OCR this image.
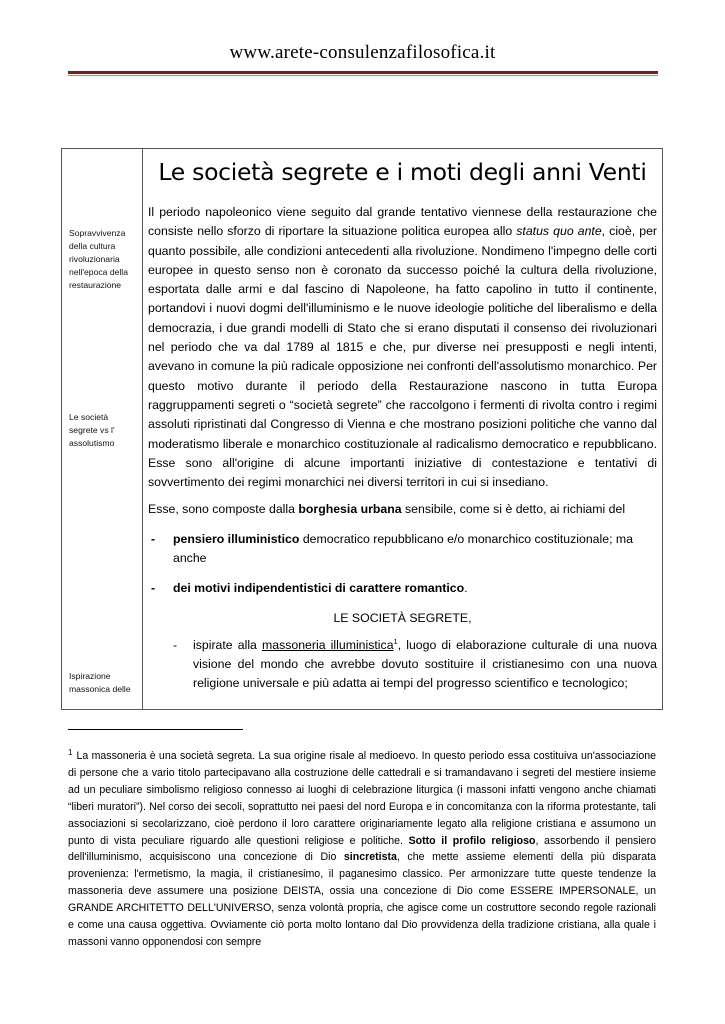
www.arete-consulenzafilosofica.it
Sopravvivenza della cultura rivoluzionaria nell'epoca della restaurazione
Le società segrete vs l' assolutismo
Ispirazione massonica delle
Le società segrete e i moti degli anni Venti

Il periodo napoleonico viene seguito dal grande tentativo viennese della restaurazione che consiste nello sforzo di riportare la situazione politica europea allo status quo ante, cioè, per quanto possibile, alle condizioni antecedenti alla rivoluzione. Nondimeno l'impegno delle corti europee in questo senso non è coronato da successo poiché la cultura della rivoluzione, esportata dalle armi e dal fascino di Napoleone, ha fatto capolino in tutto il continente, portandovi i nuovi dogmi dell'illuminismo e le nuove ideologie politiche del liberalismo e della democrazia, i due grandi modelli di Stato che si erano disputati il consenso dei rivoluzionari nel periodo che va dal 1789 al 1815 e che, pur diverse nei presupposti e negli intenti, avevano in comune la più radicale opposizione nei confronti dell'assolutismo monarchico. Per questo motivo durante il periodo della Restaurazione nascono in tutta Europa raggruppamenti segreti o “società segrete” che raccolgono i fermenti di rivolta contro i regimi assoluti ripristinati dal Congresso di Vienna e che mostrano posizioni politiche che vanno dal moderatismo liberale e monarchico costituzionale al radicalismo democratico e repubblicano. Esse sono all'origine di alcune importanti iniziative di contestazione e tentativi di sovvertimento dei regimi monarchici nei diversi territori in cui si insediano.

Esse, sono composte dalla borghesia urbana sensibile, come si è detto, ai richiami del

- pensiero illuministico democratico repubblicano e/o monarchico costituzionale; ma anche
- dei motivi indipendentistici di carattere romantico.
LE SOCIETÀ SEGRETE,
- ispirate alla massoneria illuministica$^1$, luogo di elaborazione culturale di una nuova visione del mondo che avrebbe dovuto sostituire il cristianesimo con una nuova religione universale e più adatta ai tempi del progresso scientifico e tecnologico;
$^1$ La massoneria è una società segreta. La sua origine risale al medioevo. In questo periodo essa costituiva un'associazione di persone che a vario titolo partecipavano alla costruzione delle cattedrali e si tramandavano i segreti del mestiere insieme ad un peculiare simbolismo religioso connesso ai luoghi di celebrazione liturgica (i massoni infatti vengono anche chiamati “liberi muratori”). Nel corso dei secoli, soprattutto nei paesi del nord Europa e in concomitanza con la riforma protestante, tali associazioni si secolarizzano, cioè perdono il loro carattere originariamente legato alla religione cristiana e assumono un punto di vista peculiare riguardo alle questioni religiose e politiche. Sotto il profilo religioso, assorbendo il pensiero dell'illuminismo, acquisiscono una concezione di Dio sincretista, che mette assieme elementi della più disparata provenienza: l'ermetismo, la magia, il cristianesimo, il paganesimo classico. Per armonizzare tutte queste tendenze la massoneria deve assumere una posizione DEISTA, ossia una concezione di Dio come ESSERE IMPERSONALE, un GRANDE ARCHITETTO DELL'UNIVERSO, senza volontà propria, che agisce come un costruttore secondo regole razionali e come una causa oggettiva. Ovviamente ciò porta molto lontano dal Dio provvidenza della tradizione cristiana, alla quale i massoni vanno opponendosi con sempre
